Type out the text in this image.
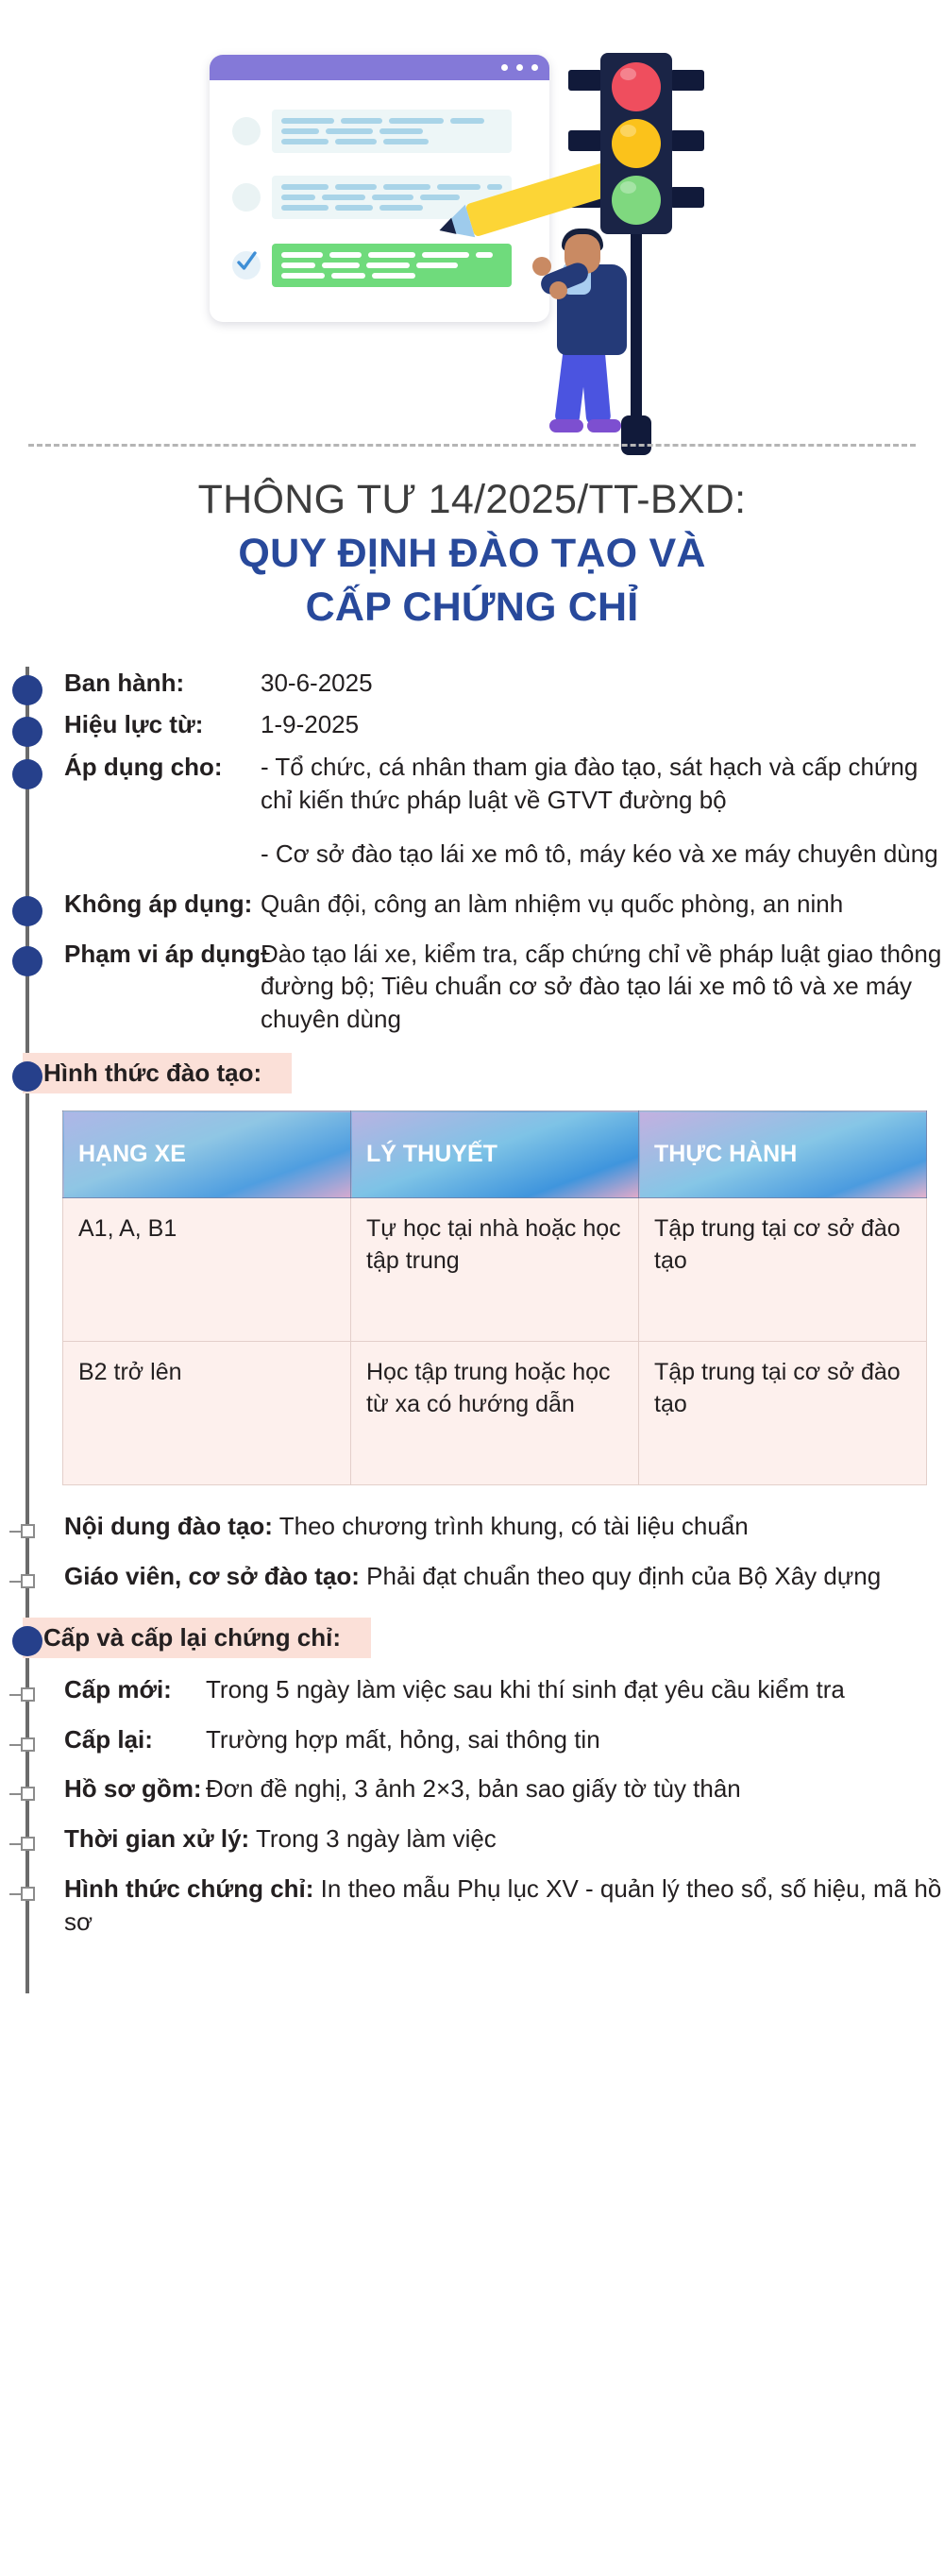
THÔNG TƯ 14/2025/TT-BXD:
QUY ĐỊNH ĐÀO TẠO VÀ
CẤP CHỨNG CHỈ
Ban hành:	30-6-2025
Hiệu lực từ:	1-9-2025
Áp dụng cho:	- Tổ chức, cá nhân tham gia đào tạo, sát hạch và cấp chứng chỉ kiến thức pháp luật về GTVT đường bộ
- Cơ sở đào tạo lái xe mô tô, máy kéo và xe máy chuyên dùng
Không áp dụng: Quân đội, công an làm nhiệm vụ quốc phòng, an ninh
Phạm vi áp dụng:
Đào tạo lái xe, kiểm tra, cấp chứng chỉ về pháp luật giao thông đường bộ; Tiêu chuẩn cơ sở đào tạo lái xe mô tô và xe máy chuyên dùng
Hình thức đào tạo:
HẠNG XE	LÝ THUYẾT	THỰC HÀNH
A1, A, B1	Tự học tại nhà hoặc học tập trung	Tập trung tại cơ sở đào tạo
B2 trở lên	Học tập trung hoặc học từ xa có hướng dẫn	Tập trung tại cơ sở đào tạo
Nội dung đào tạo: Theo chương trình khung, có tài liệu chuẩn
Giáo viên, cơ sở đào tạo: Phải đạt chuẩn theo quy định của Bộ Xây dựng
Cấp và cấp lại chứng chỉ:
Cấp mới:	Trong 5 ngày làm việc sau khi thí sinh đạt yêu cầu kiểm tra
Cấp lại:	Trường hợp mất, hỏng, sai thông tin
Hồ sơ gồm: Đơn đề nghị, 3 ảnh 2×3, bản sao giấy tờ tùy thân
Thời gian xử lý: Trong 3 ngày làm việc
Hình thức chứng chỉ: In theo mẫu Phụ lục XV - quản lý theo sổ, số hiệu, mã hồ sơ
